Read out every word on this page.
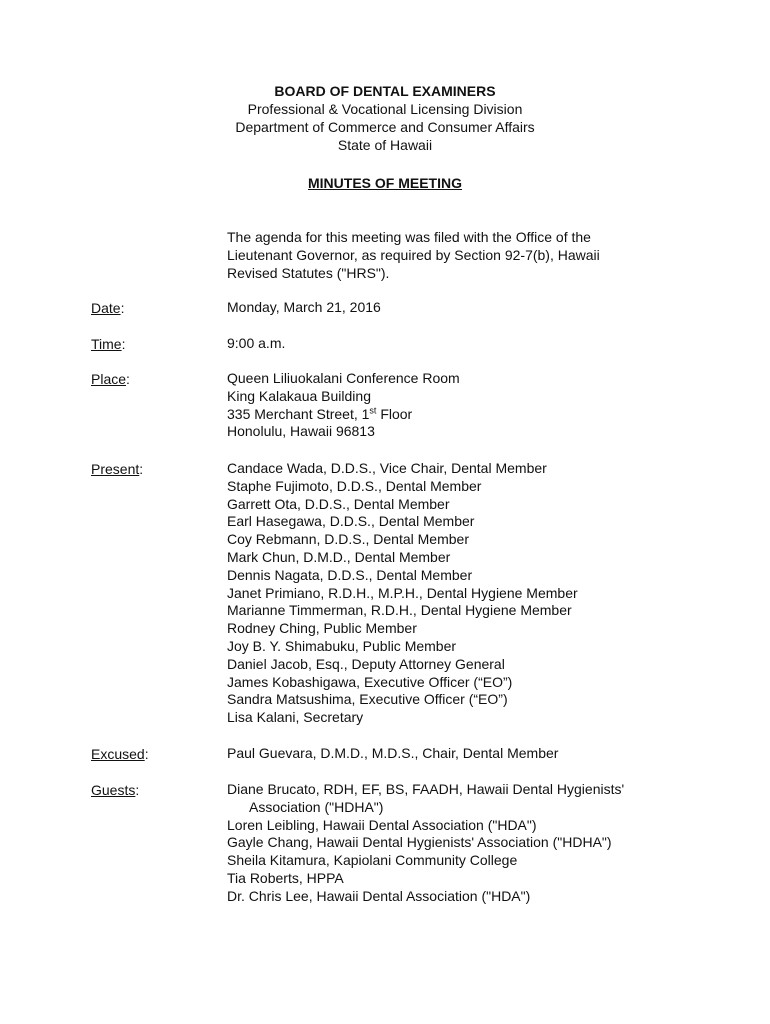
BOARD OF DENTAL EXAMINERS
Professional & Vocational Licensing Division
Department of Commerce and Consumer Affairs
State of Hawaii
MINUTES OF MEETING
The agenda for this meeting was filed with the Office of the Lieutenant Governor, as required by Section 92-7(b), Hawaii Revised Statutes ("HRS").
Date:	Monday, March 21, 2016
Time:	9:00 a.m.
Place:	Queen Liliuokalani Conference Room
King Kalakaua Building
335 Merchant Street, 1st Floor
Honolulu, Hawaii 96813
Present:	Candace Wada, D.D.S., Vice Chair, Dental Member
Staphe Fujimoto, D.D.S., Dental Member
Garrett Ota, D.D.S., Dental Member
Earl Hasegawa, D.D.S., Dental Member
Coy Rebmann, D.D.S., Dental Member
Mark Chun, D.M.D., Dental Member
Dennis Nagata, D.D.S., Dental Member
Janet Primiano, R.D.H., M.P.H., Dental Hygiene Member
Marianne Timmerman, R.D.H., Dental Hygiene Member
Rodney Ching, Public Member
Joy B. Y. Shimabuku, Public Member
Daniel Jacob, Esq., Deputy Attorney General
James Kobashigawa, Executive Officer (“EO”)
Sandra Matsushima, Executive Officer (“EO”)
Lisa Kalani, Secretary
Excused:	Paul Guevara, D.M.D., M.D.S., Chair, Dental Member
Guests:	Diane Brucato, RDH, EF, BS, FAADH, Hawaii Dental Hygienists'
Association ("HDHA")
Loren Leibling, Hawaii Dental Association ("HDA")
Gayle Chang, Hawaii Dental Hygienists' Association ("HDHA")
Sheila Kitamura, Kapiolani Community College
Tia Roberts, HPPA
Dr. Chris Lee, Hawaii Dental Association ("HDA")
